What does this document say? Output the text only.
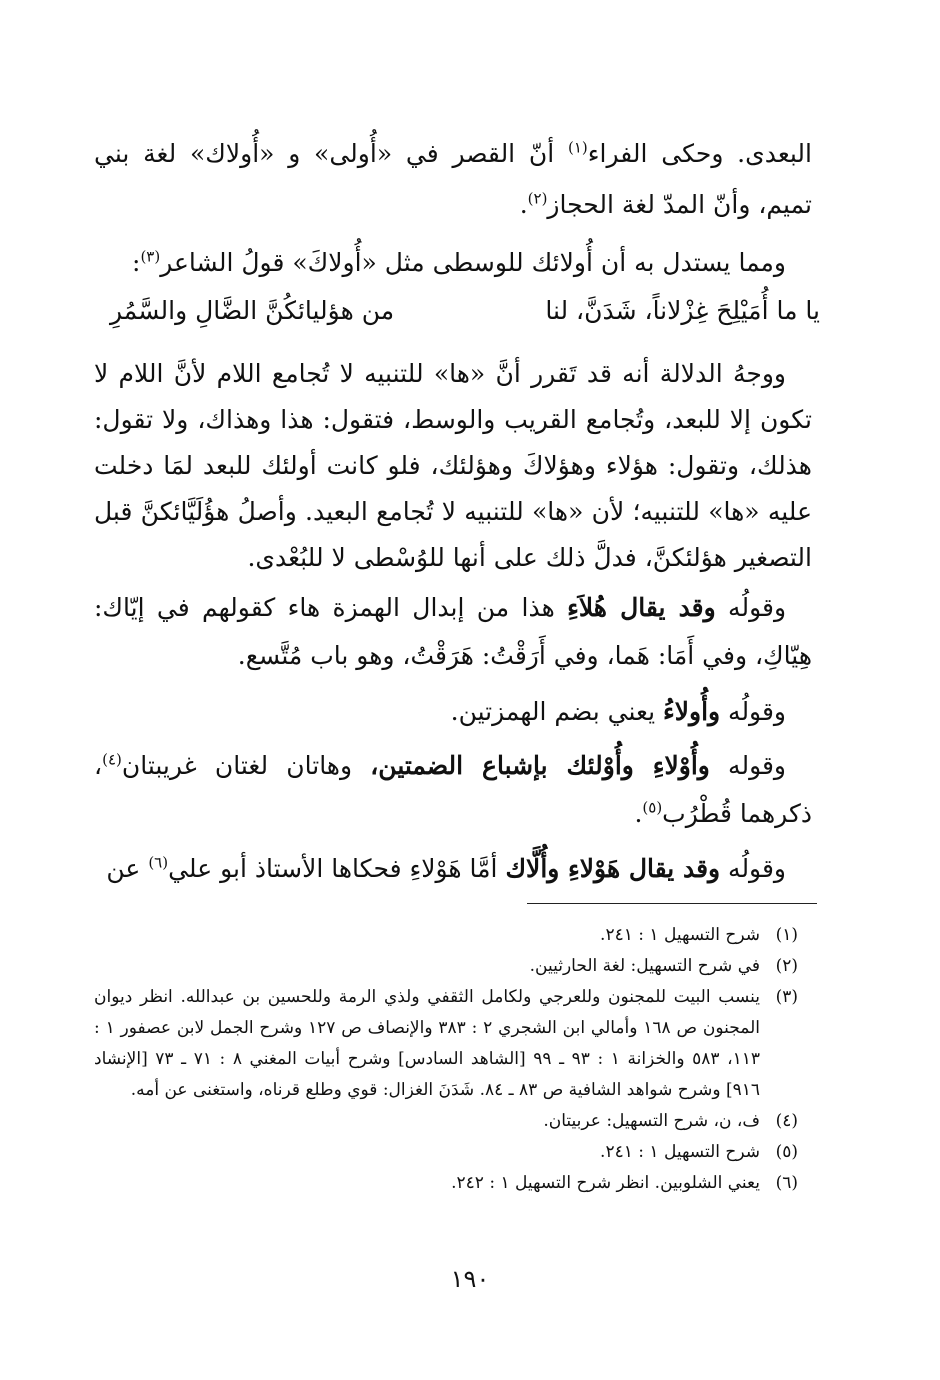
البعدى. وحكى الفراء$^{(١)}$ أنّ القصر في «أُولى» و «أُولاك» لغة بني تميم، وأنّ المدّ لغة الحجاز$^{(٢)}$.

ومما يستدل به أن أُولائك للوسطى مثل «أُولاكَ» قولُ الشاعر$^{(٣)}$:

يا ما أُمَيْلِحَ غِزْلاناً، شَدَنَّ، لنا
من هؤليائكُنَّ الضَّالِ والسَّمُرِ

ووجهُ الدلالة أنه قد تَقرر أنَّ «ها» للتنبيه لا تُجامع اللام لأنَّ اللام لا تكون إلا للبعد، وتُجامع القريب والوسط، فتقول: هذا وهذاك، ولا تقول: هذلك، وتقول: هؤلاء وهؤلاكَ وهؤلئك، فلو كانت أولئك للبعد لمَا دخلت عليه «ها» للتنبيه؛ لأن «ها» للتنبيه لا تُجامع البعيد. وأصلُ هؤُلَيَّائكنَّ قبل التصغير هؤلئكنَّ، فدلَّ ذلك على أنها للوُسْطى لا للبُعْدى.

وقولُه وقد يقال هُلاَءِ هذا من إبدال الهمزة هاء كقولهم في إيّاك: هِيّاكِ، وفي أَمَا: هَما، وفي أَرَقْتُ: هَرَقْتُ، وهو باب مُتَّسع.

وقولُه وأُولاءُ يعني بضم الهمزتين.

وقوله وأُوْلاءِ وأُوْلئك بإشباع الضمتين، وهاتان لغتان غريبتان$^{(٤)}$، ذكرهما قُطْرُب$^{(٥)}$.

وقولُه وقد يقال هَوْلاءِ وأُلَّاك أمَّا هَوْلاءِ فحكاها الأستاذ أبو علي$^{(٦)}$ عن

(١)
شرح التسهيل ١ : ٢٤١.
(٢)
في شرح التسهيل: لغة الحارثيين.
(٣)
ينسب البيت للمجنون وللعرجي ولكامل الثقفي ولذي الرمة وللحسين بن عبدالله. انظر ديوان المجنون ص ١٦٨ وأمالي ابن الشجري ٢ : ٣٨٣ والإنصاف ص ١٢٧ وشرح الجمل لابن عصفور ١ : ١١٣، ٥٨٣ والخزانة ١ : ٩٣ ـ ٩٩ [الشاهد السادس] وشرح أبيات المغني ٨ : ٧١ ـ ٧٣ [الإنشاد ٩١٦] وشرح شواهد الشافية ص ٨٣ ـ ٨٤. شَدَنَ الغزال: قوي وطلع قرناه، واستغنى عن أمه.
(٤)
ف، ن، شرح التسهيل: عربيتان.
(٥)
شرح التسهيل ١ : ٢٤١.
(٦)
يعني الشلوبين. انظر شرح التسهيل ١ : ٢٤٢.
١٩٠
